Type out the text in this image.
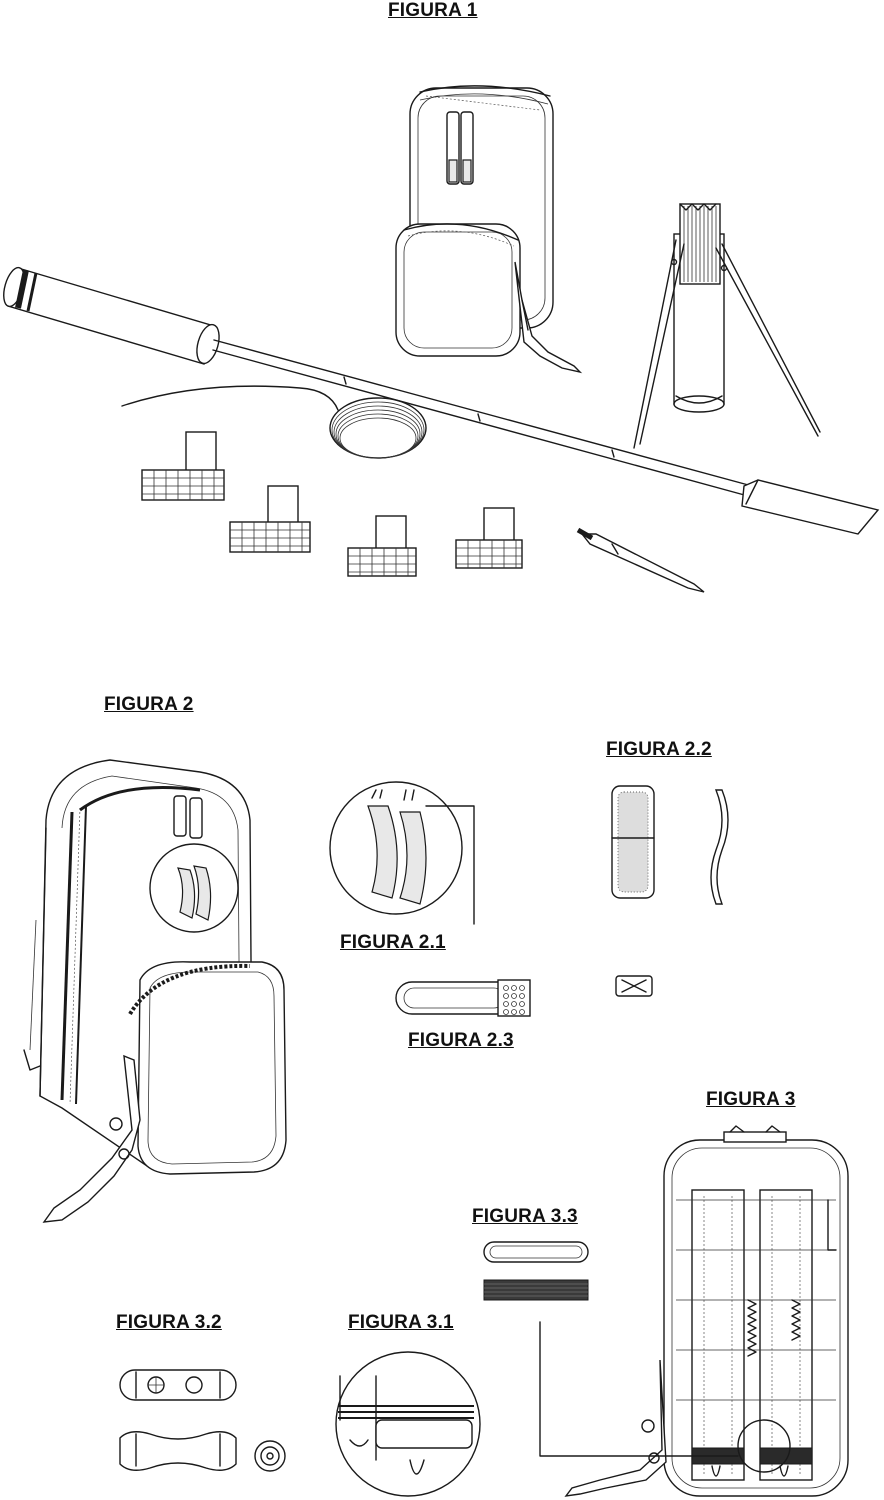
FIGURA 1
FIGURA 2
FIGURA 2.1
FIGURA 2.2
FIGURA 2.3
FIGURA 3
FIGURA 3.1
FIGURA 3.2
FIGURA 3.3
